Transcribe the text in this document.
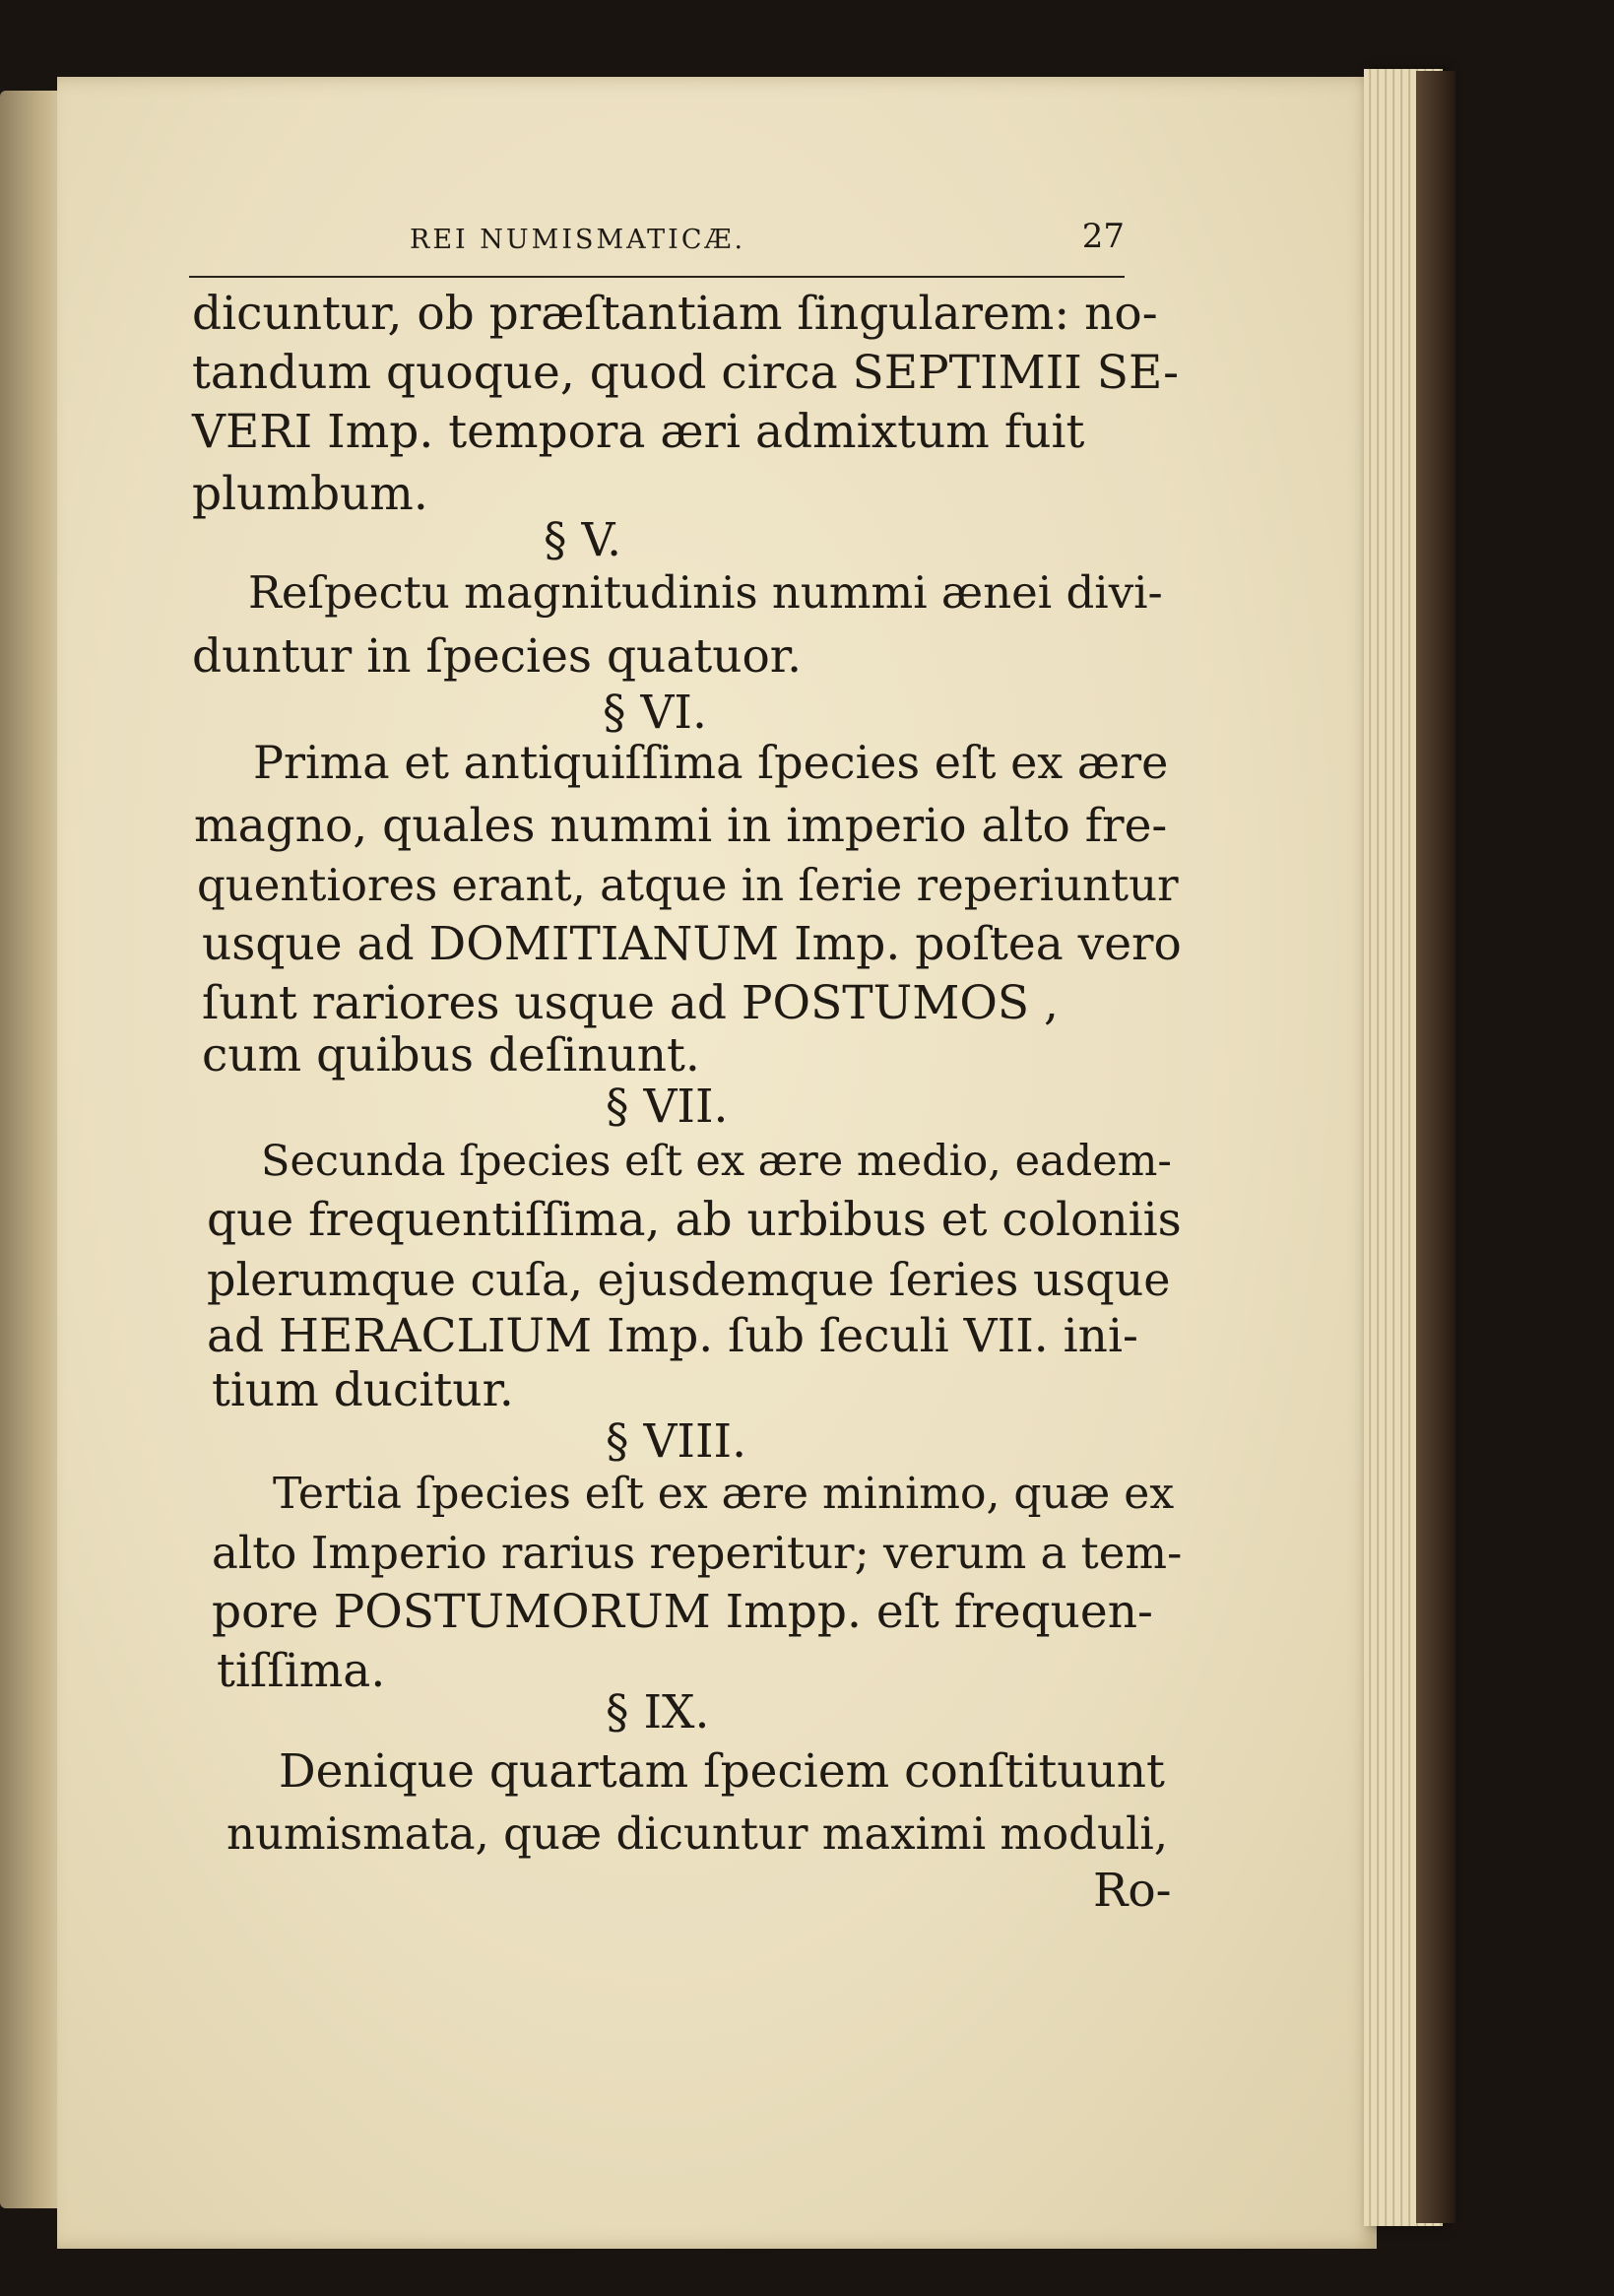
REI NUMISMATICÆ.	27

dicuntur, ob præſtantiam ſingularem: no-

tandum quoque, quod circa SEPTIMII SE-

VERI Imp. tempora æri admixtum fuit

plumbum.

§ V.

Reſpectu magnitudinis nummi ænei divi-

duntur in ſpecies quatuor.

§ VI.

Prima et antiquiſſima ſpecies eſt ex ære

magno, quales nummi in imperio alto fre-

quentiores erant, atque in ſerie reperiuntur

usque ad DOMITIANUM Imp. poſtea vero

ſunt rariores usque ad POSTUMOS ,

cum quibus deſinunt.

§ VII.

Secunda ſpecies eſt ex ære medio, eadem-

que frequentiſſima, ab urbibus et coloniis

plerumque cuſa, ejusdemque ſeries usque

ad HERACLIUM Imp. ſub ſeculi VII. ini-

tium ducitur.

§ VIII.

Tertia ſpecies eſt ex ære minimo, quæ ex

alto Imperio rarius reperitur; verum a tem-

pore POSTUMORUM Impp. eſt frequen-

tiſſima.

§ IX.

Denique quartam ſpeciem conſtituunt

numismata, quæ dicuntur maximi moduli,

Ro-
